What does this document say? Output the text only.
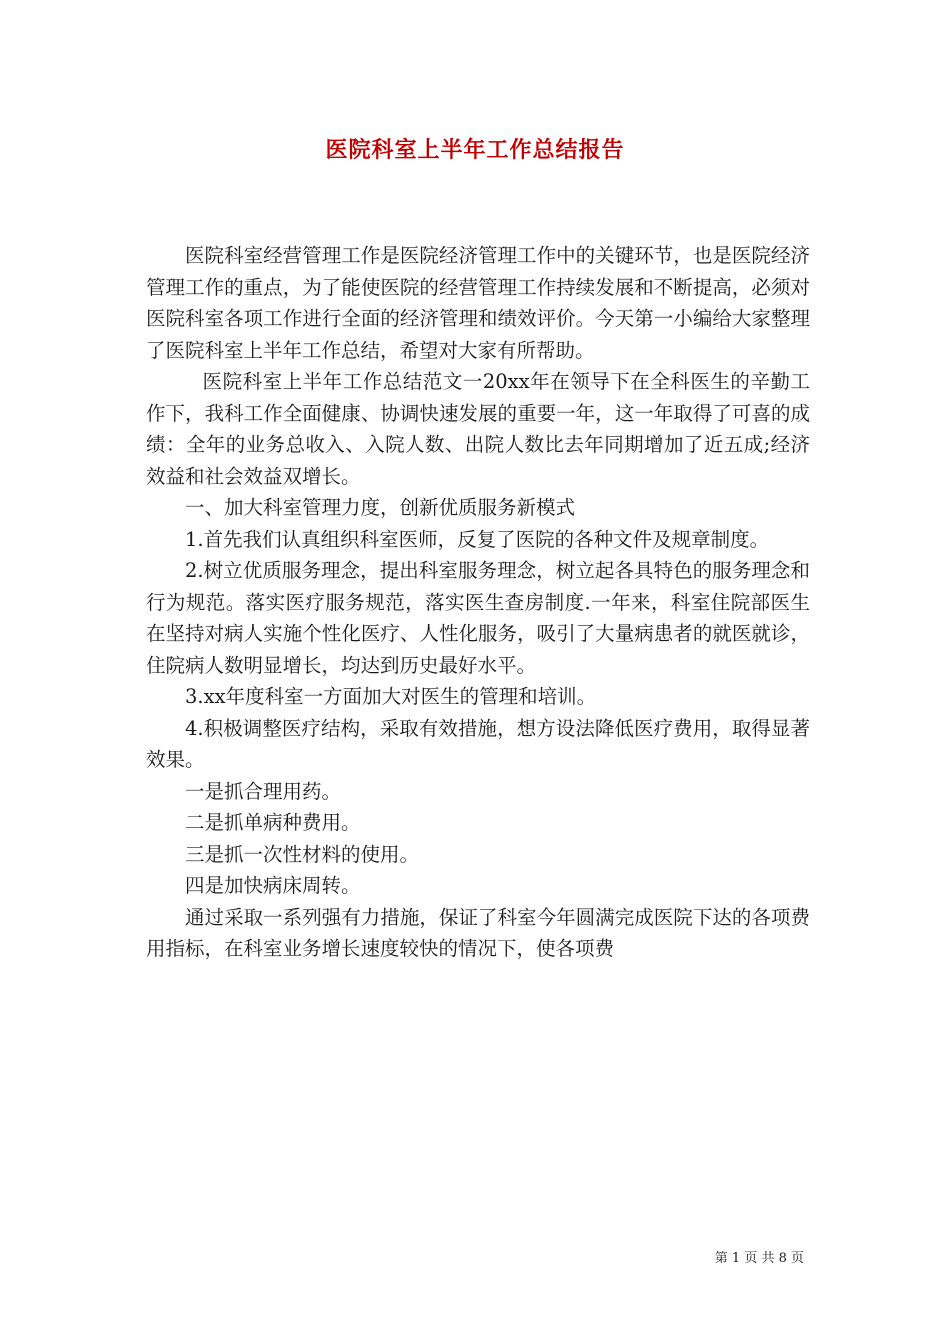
医院科室上半年工作总结报告

医院科室经营管理工作是医院经济管理工作中的关键环节，也是医院经济管理工作的重点，为了能使医院的经营管理工作持续发展和不断提高，必须对医院科室各项工作进行全面的经济管理和绩效评价。今天第一小编给大家整理了医院科室上半年工作总结，希望对大家有所帮助。

医院科室上半年工作总结范文一20xx年在领导下在全科医生的辛勤工作下，我科工作全面健康、协调快速发展的重要一年，这一年取得了可喜的成绩：全年的业务总收入、入院人数、出院人数比去年同期增加了近五成;经济效益和社会效益双增长。

一、加大科室管理力度，创新优质服务新模式

1.首先我们认真组织科室医师，反复了医院的各种文件及规章制度。

2.树立优质服务理念，提出科室服务理念，树立起各具特色的服务理念和行为规范。落实医疗服务规范，落实医生查房制度.一年来，科室住院部医生在坚持对病人实施个性化医疗、人性化服务，吸引了大量病患者的就医就诊，住院病人数明显增长，均达到历史最好水平。

3.xx年度科室一方面加大对医生的管理和培训。

4.积极调整医疗结构，采取有效措施，想方设法降低医疗费用，取得显著效果。

一是抓合理用药。

二是抓单病种费用。

三是抓一次性材料的使用。

四是加快病床周转。

通过采取一系列强有力措施，保证了科室今年圆满完成医院下达的各项费用指标，在科室业务增长速度较快的情况下，使各项费

第 1 页 共 8 页
